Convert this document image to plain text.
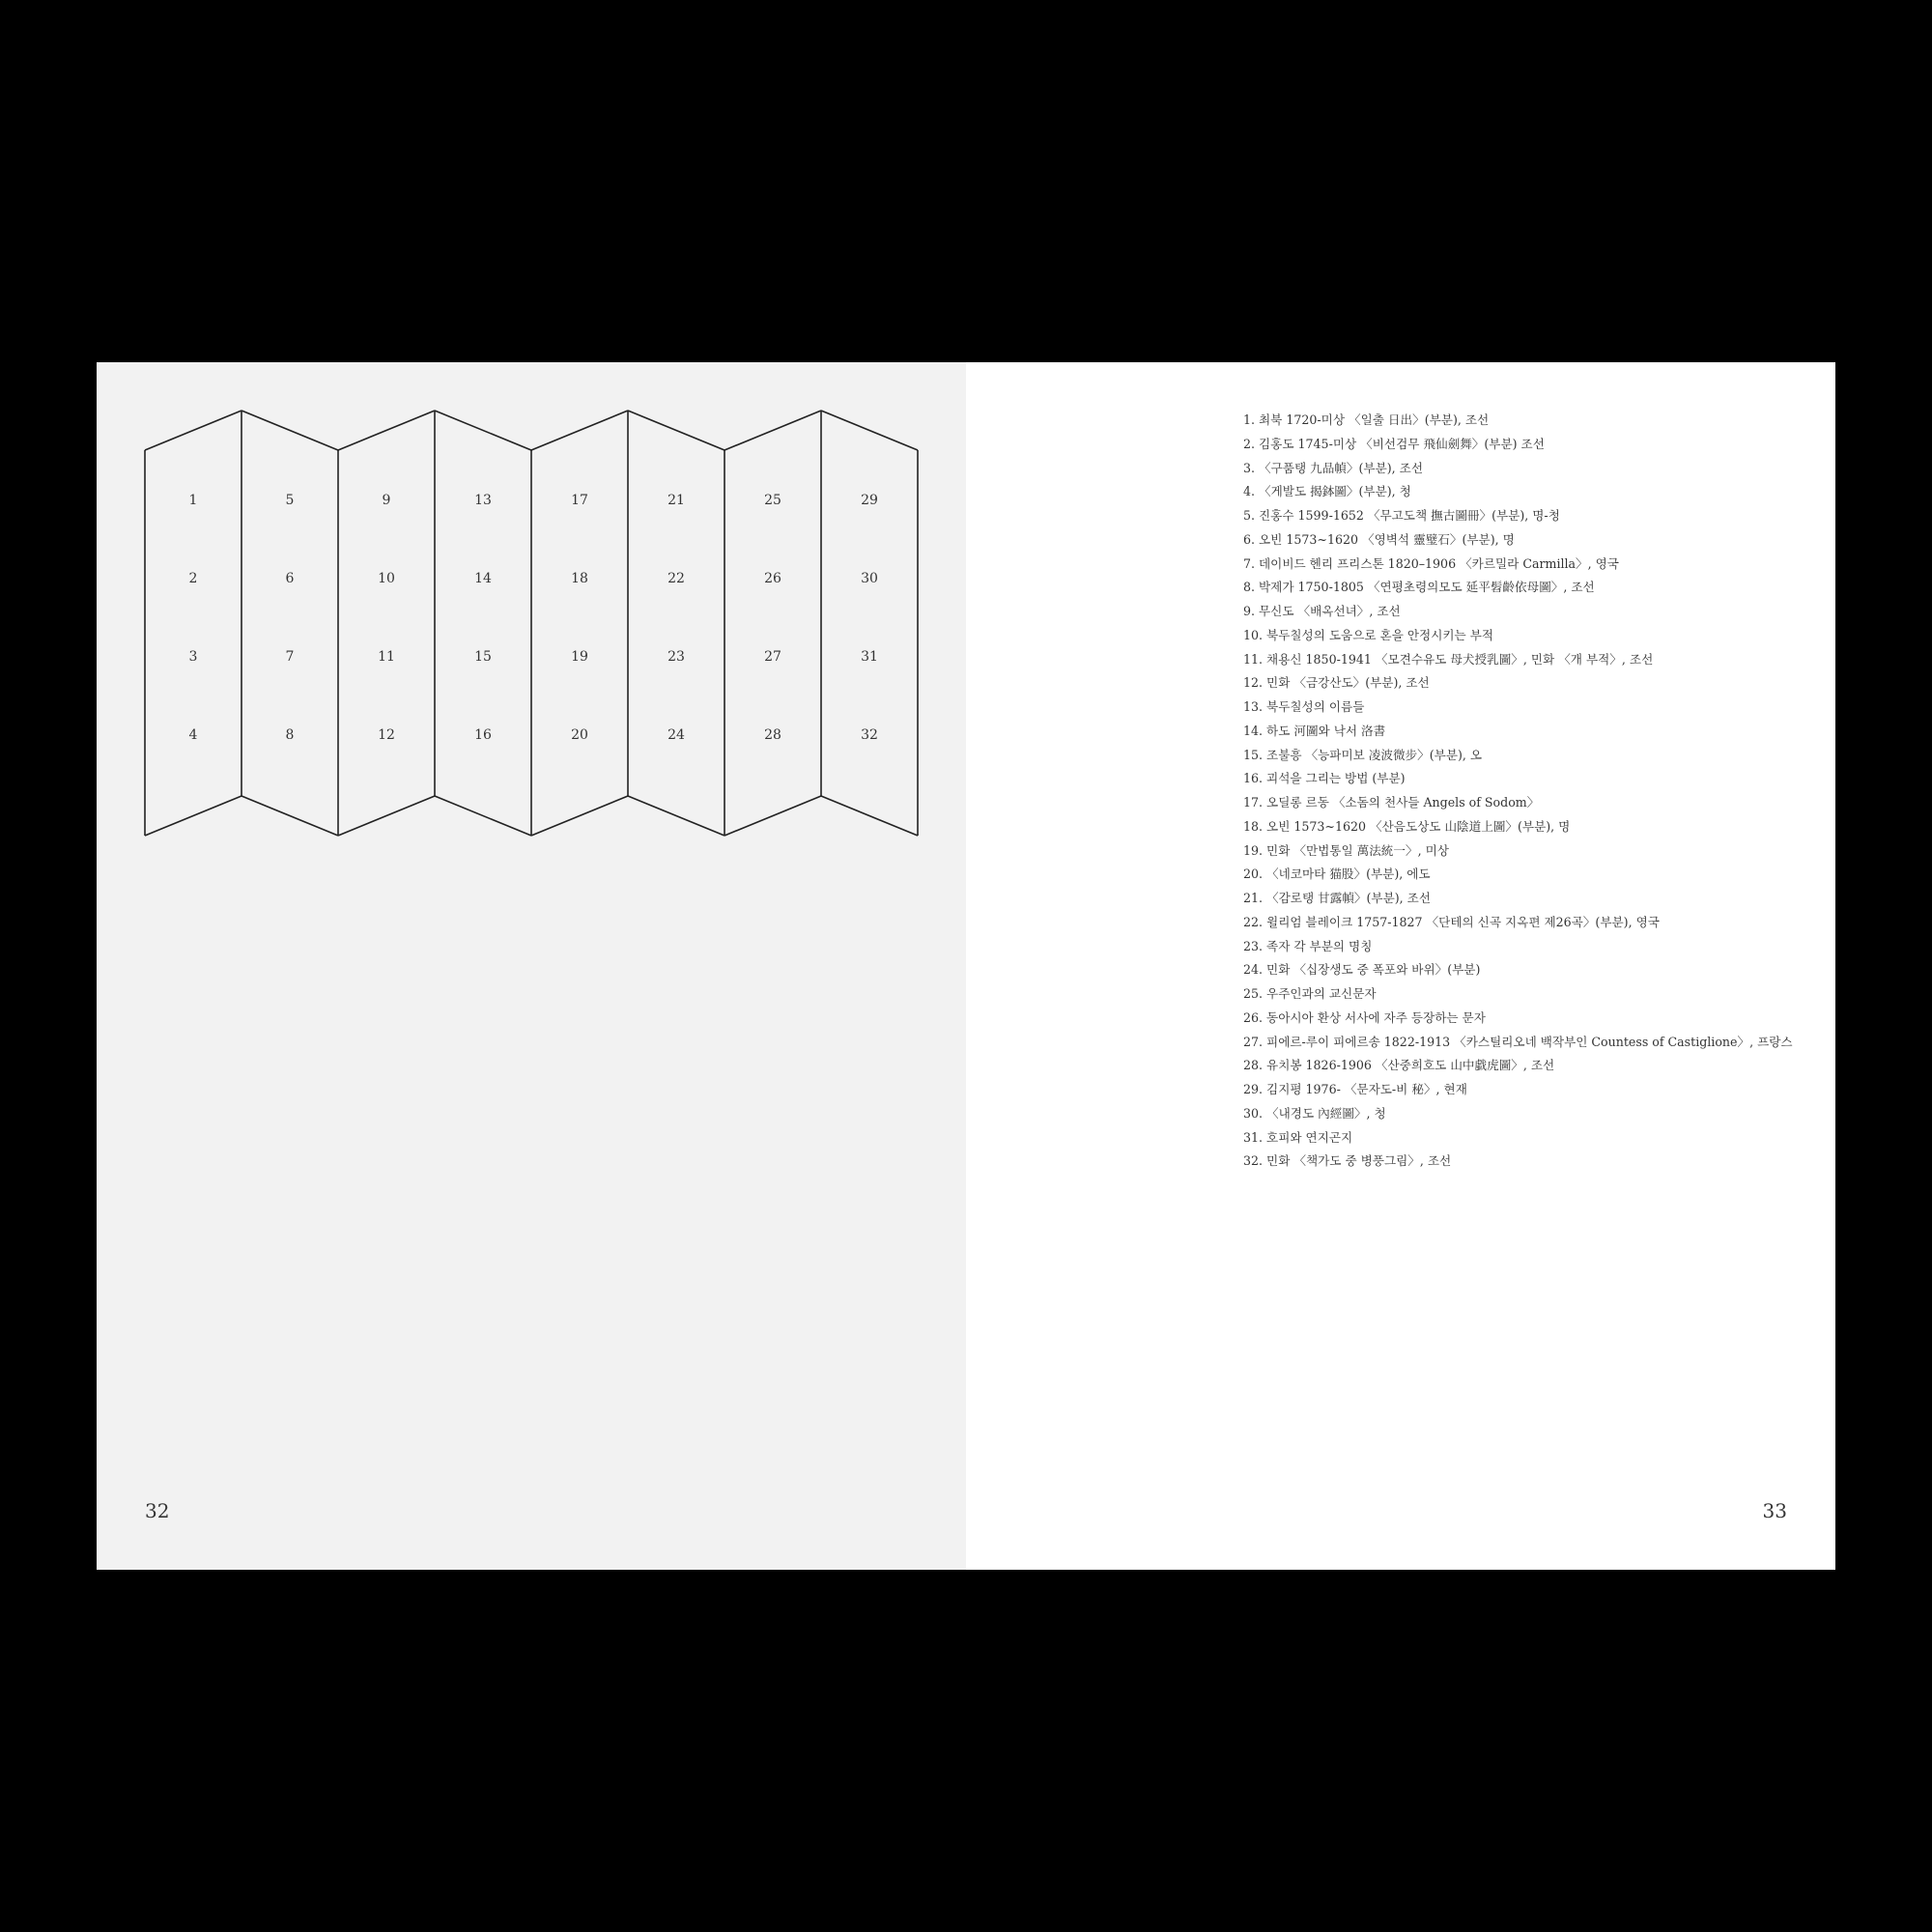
1
2
3
4
5
6
7
8
9
10
11
12
13
14
15
16
17
18
19
20
21
22
23
24
25
26
27
28
29
30
31
32
32
1. 최북 1720-미상 〈일출 日出〉(부분), 조선
2. 김홍도 1745-미상 〈비선검무 飛仙劍舞〉(부분) 조선
3. 〈구품탱 九品幀〉(부분), 조선
4. 〈게발도 揭鉢圖〉(부분), 청
5. 진홍수 1599-1652 〈무고도책 撫古圖冊〉(부분), 명-청
6. 오빈 1573~1620 〈영벽석 靈璧石〉(부분), 명
7. 데이비드 헨리 프리스톤 1820–1906 〈카르밀라 Carmilla〉, 영국
8. 박제가 1750-1805 〈연평초령의모도 延平髫齡依母圖〉, 조선
9. 무신도 〈배옥선녀〉, 조선
10. 북두칠성의 도움으로 혼을 안정시키는 부적
11. 채용신 1850-1941 〈모견수유도 母犬授乳圖〉, 민화 〈개 부적〉, 조선
12. 민화 〈금강산도〉(부분), 조선
13. 북두칠성의 이름들
14. 하도 河圖와 낙서 洛書
15. 조불흥 〈능파미보 凌波微步〉(부분), 오
16. 괴석을 그리는 방법 (부분)
17. 오딜롱 르동 〈소돔의 천사들 Angels of Sodom〉
18. 오빈 1573~1620 〈산음도상도 山陰道上圖〉(부분), 명
19. 민화 〈만법통일 萬法統一〉, 미상
20. 〈네코마타 猫股〉(부분), 에도
21. 〈감로탱 甘露幀〉(부분), 조선
22. 윌리엄 블레이크 1757-1827 〈단테의 신곡 지옥편 제26곡〉(부분), 영국
23. 족자 각 부분의 명칭
24. 민화 〈십장생도 중 폭포와 바위〉(부분)
25. 우주인과의 교신문자
26. 동아시아 환상 서사에 자주 등장하는 문자
27. 피에르-루이 피에르송 1822-1913 〈카스틸리오네 백작부인 Countess of Castiglione〉, 프랑스
28. 유치봉 1826-1906 〈산중희호도 山中戱虎圖〉, 조선
29. 김지평 1976- 〈문자도-비 秘〉, 현재
30. 〈내경도 內經圖〉, 청
31. 호피와 연지곤지
32. 민화 〈책가도 중 병풍그림〉, 조선
33
